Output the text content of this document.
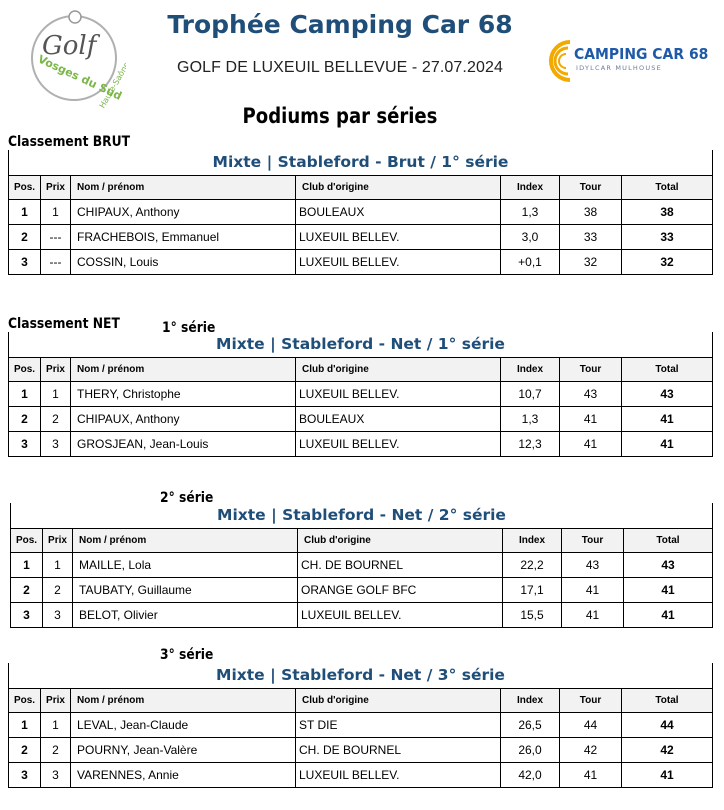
Golf
Vosges du Sud
Haute-Saône
Trophée Camping Car 68
GOLF DE LUXEUIL BELLEVUE - 27.07.2024
CAMPING CAR 68
IDYLCAR MULHOUSE
Podiums par séries
Classement BRUT
Classement NET	1° série
2° série
3° série
Mixte | Stableford - Brut / 1° série
Pos.	Prix	Nom / prénom	Club d'origine	Index	Tour	Total
1	1	CHIPAUX, Anthony	BOULEAUX	1,3	38	38
2	---	FRACHEBOIS, Emmanuel	LUXEUIL BELLEV.	3,0	33	33
3	---	COSSIN, Louis	LUXEUIL BELLEV.	+0,1	32	32
Mixte | Stableford - Net / 1° série
Pos.	Prix	Nom / prénom	Club d'origine	Index	Tour	Total
1	1	THERY, Christophe	LUXEUIL BELLEV.	10,7	43	43
2	2	CHIPAUX, Anthony	BOULEAUX	1,3	41	41
3	3	GROSJEAN, Jean-Louis	LUXEUIL BELLEV.	12,3	41	41
Mixte | Stableford - Net / 2° série
Pos.	Prix	Nom / prénom	Club d'origine	Index	Tour	Total
1	1	MAILLE, Lola	CH. DE BOURNEL	22,2	43	43
2	2	TAUBATY, Guillaume	ORANGE GOLF BFC	17,1	41	41
3	3	BELOT, Olivier	LUXEUIL BELLEV.	15,5	41	41
Mixte | Stableford - Net / 3° série
Pos.	Prix	Nom / prénom	Club d'origine	Index	Tour	Total
1	1	LEVAL, Jean-Claude	ST DIE	26,5	44	44
2	2	POURNY, Jean-Valère	CH. DE BOURNEL	26,0	42	42
3	3	VARENNES, Annie	LUXEUIL BELLEV.	42,0	41	41
